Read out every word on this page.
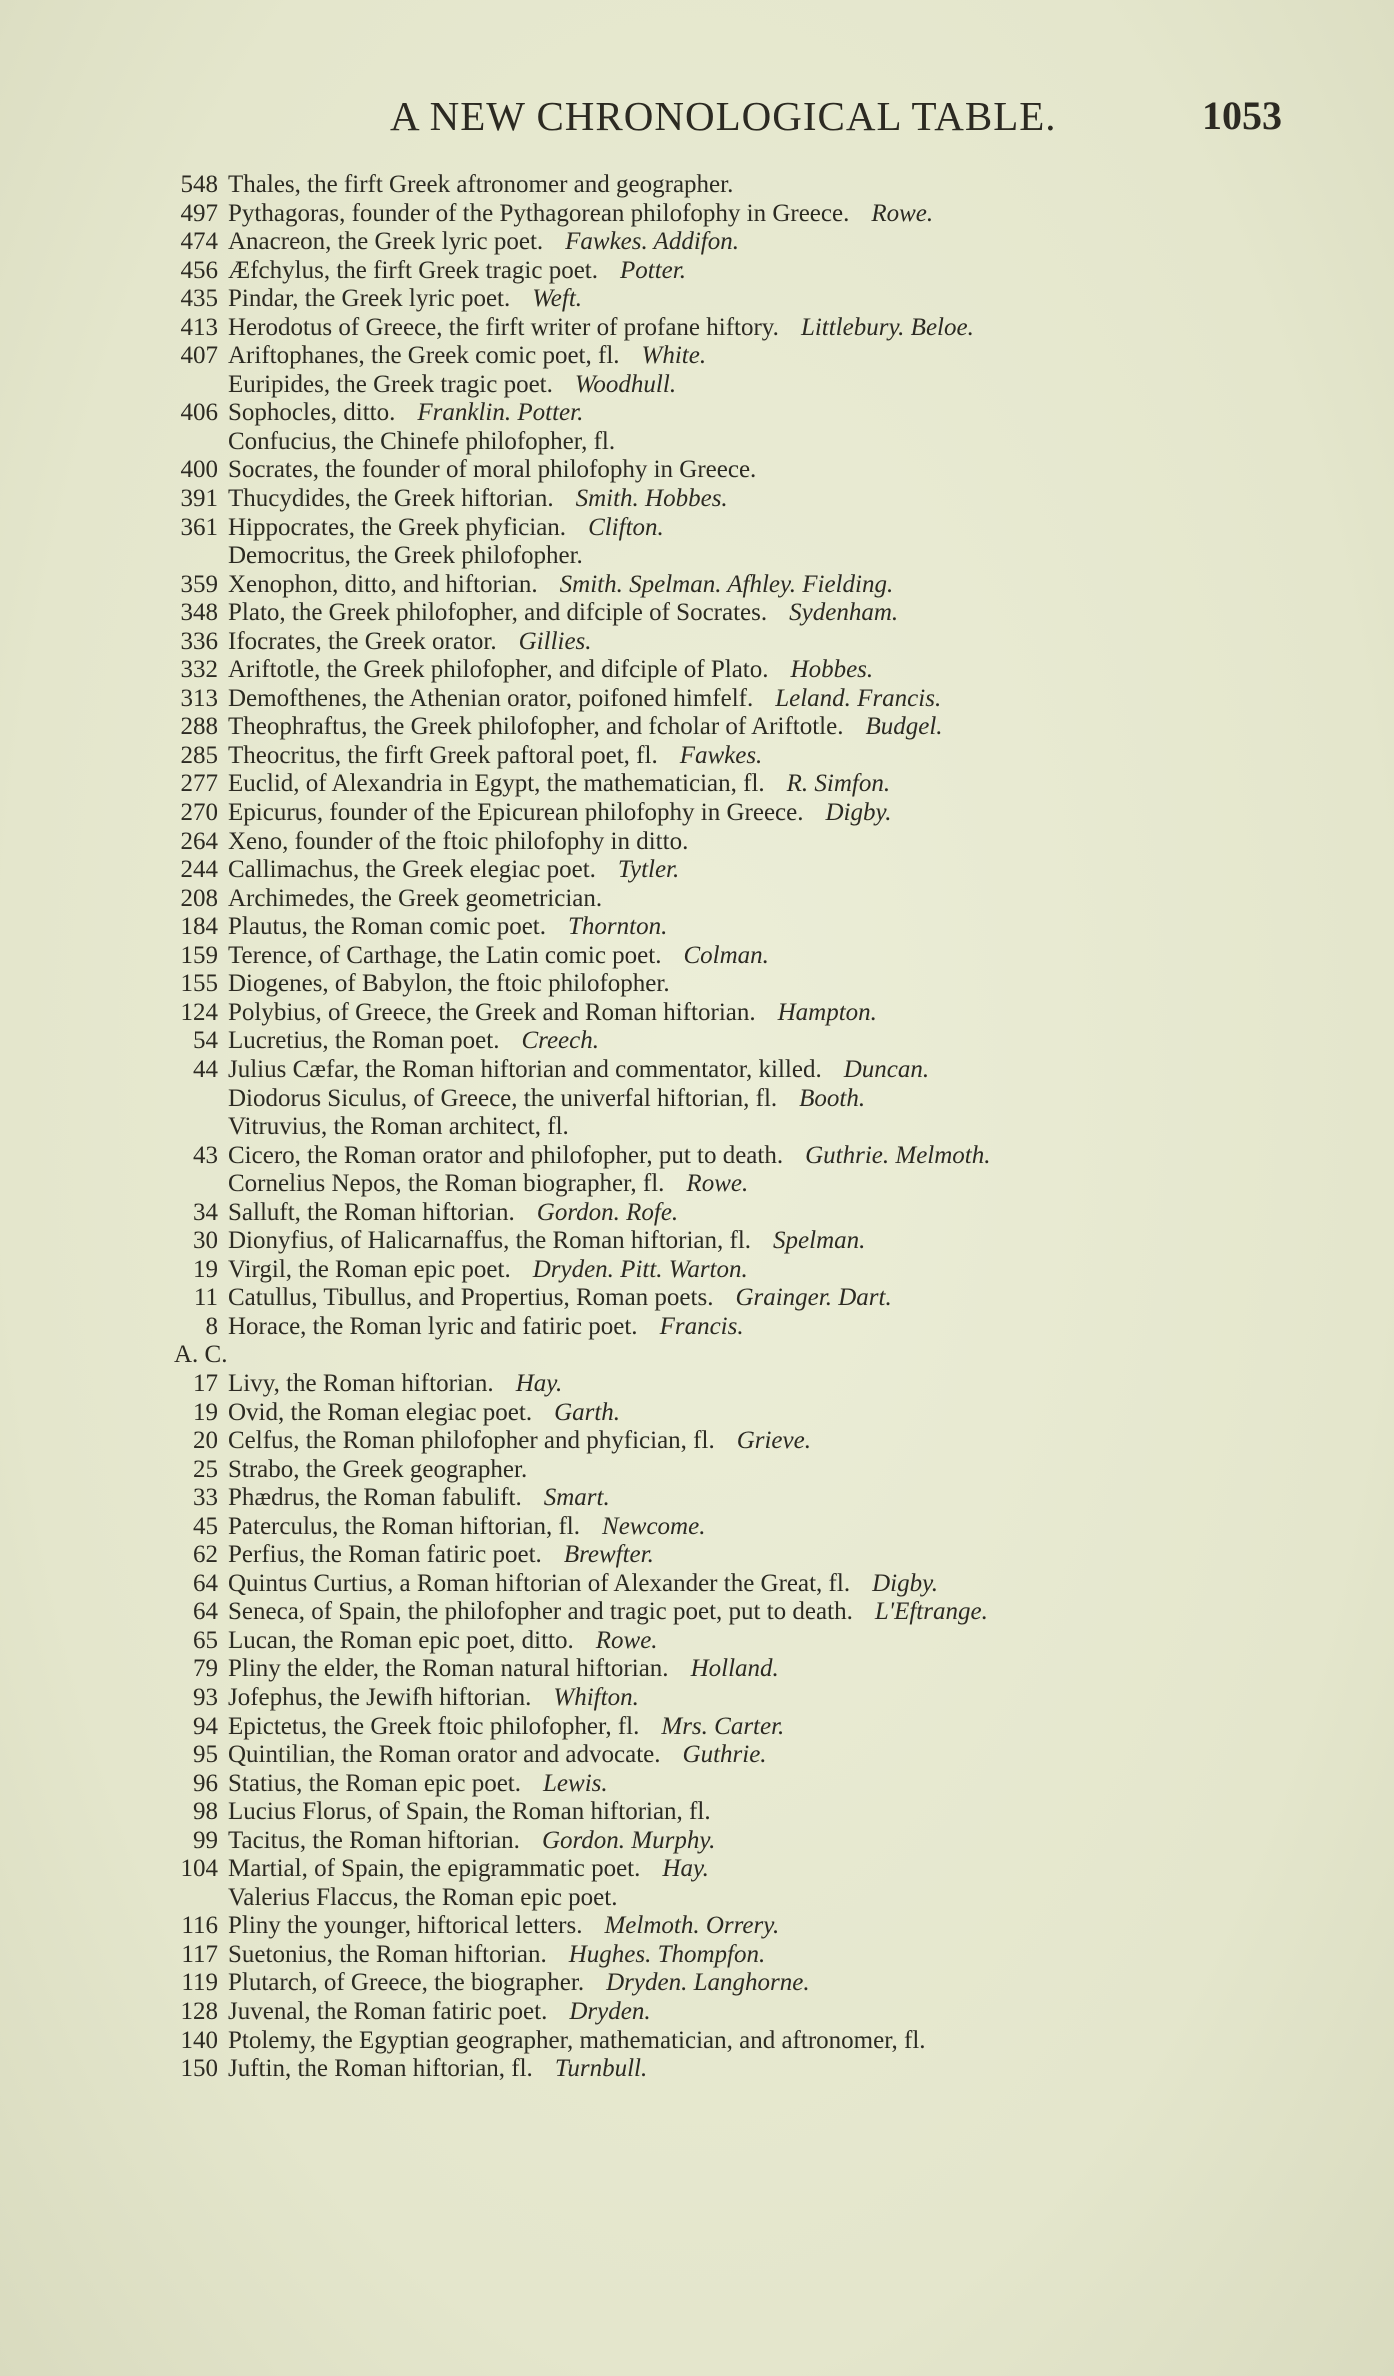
A NEW CHRONOLOGICAL TABLE.	1053
548 Thales, the firft Greek aftronomer and geographer.
497 Pythagoras, founder of the Pythagorean philofophy in Greece. Rowe.
474 Anacreon, the Greek lyric poet. Fawkes. Addifon.
456 Æfchylus, the firft Greek tragic poet. Potter.
435 Pindar, the Greek lyric poet. Weft.
413 Herodotus of Greece, the firft writer of profane hiftory. Littlebury. Beloe.
407 Ariftophanes, the Greek comic poet, fl. White.
Euripides, the Greek tragic poet. Woodhull.
406 Sophocles, ditto. Franklin. Potter.
Confucius, the Chinefe philofopher, fl.
400 Socrates, the founder of moral philofophy in Greece.
391 Thucydides, the Greek hiftorian. Smith. Hobbes.
361 Hippocrates, the Greek phyfician. Clifton.
Democritus, the Greek philofopher.
359 Xenophon, ditto, and hiftorian. Smith. Spelman. Afhley. Fielding.
348 Plato, the Greek philofopher, and difciple of Socrates. Sydenham.
336 Ifocrates, the Greek orator. Gillies.
332 Ariftotle, the Greek philofopher, and difciple of Plato. Hobbes.
313 Demofthenes, the Athenian orator, poifoned himfelf. Leland. Francis.
288 Theophraftus, the Greek philofopher, and fcholar of Ariftotle. Budgel.
285 Theocritus, the firft Greek paftoral poet, fl. Fawkes.
277 Euclid, of Alexandria in Egypt, the mathematician, fl. R. Simfon.
270 Epicurus, founder of the Epicurean philofophy in Greece. Digby.
264 Xeno, founder of the ftoic philofophy in ditto.
244 Callimachus, the Greek elegiac poet. Tytler.
208 Archimedes, the Greek geometrician.
184 Plautus, the Roman comic poet. Thornton.
159 Terence, of Carthage, the Latin comic poet. Colman.
155 Diogenes, of Babylon, the ftoic philofopher.
124 Polybius, of Greece, the Greek and Roman hiftorian. Hampton.
54 Lucretius, the Roman poet. Creech.
44 Julius Cæfar, the Roman hiftorian and commentator, killed. Duncan.
Diodorus Siculus, of Greece, the univerfal hiftorian, fl. Booth.
Vitruvius, the Roman architect, fl.
43 Cicero, the Roman orator and philofopher, put to death. Guthrie. Melmoth.
Cornelius Nepos, the Roman biographer, fl. Rowe.
34 Salluft, the Roman hiftorian. Gordon. Rofe.
30 Dionyfius, of Halicarnaffus, the Roman hiftorian, fl. Spelman.
19 Virgil, the Roman epic poet. Dryden. Pitt. Warton.
11 Catullus, Tibullus, and Propertius, Roman poets. Grainger. Dart.
8 Horace, the Roman lyric and fatiric poet. Francis.
A. C.
17 Livy, the Roman hiftorian. Hay.
19 Ovid, the Roman elegiac poet. Garth.
20 Celfus, the Roman philofopher and phyfician, fl. Grieve.
25 Strabo, the Greek geographer.
33 Phædrus, the Roman fabulift. Smart.
45 Paterculus, the Roman hiftorian, fl. Newcome.
62 Perfius, the Roman fatiric poet. Brewfter.
64 Quintus Curtius, a Roman hiftorian of Alexander the Great, fl. Digby.
64 Seneca, of Spain, the philofopher and tragic poet, put to death. L'Eftrange.
65 Lucan, the Roman epic poet, ditto. Rowe.
79 Pliny the elder, the Roman natural hiftorian. Holland.
93 Jofephus, the Jewifh hiftorian. Whifton.
94 Epictetus, the Greek ftoic philofopher, fl. Mrs. Carter.
95 Quintilian, the Roman orator and advocate. Guthrie.
96 Statius, the Roman epic poet. Lewis.
98 Lucius Florus, of Spain, the Roman hiftorian, fl.
99 Tacitus, the Roman hiftorian. Gordon. Murphy.
104 Martial, of Spain, the epigrammatic poet. Hay.
Valerius Flaccus, the Roman epic poet.
116 Pliny the younger, hiftorical letters. Melmoth. Orrery.
117 Suetonius, the Roman hiftorian. Hughes. Thompfon.
119 Plutarch, of Greece, the biographer. Dryden. Langhorne.
128 Juvenal, the Roman fatiric poet. Dryden.
140 Ptolemy, the Egyptian geographer, mathematician, and aftronomer, fl.
150 Juftin, the Roman hiftorian, fl. Turnbull.
